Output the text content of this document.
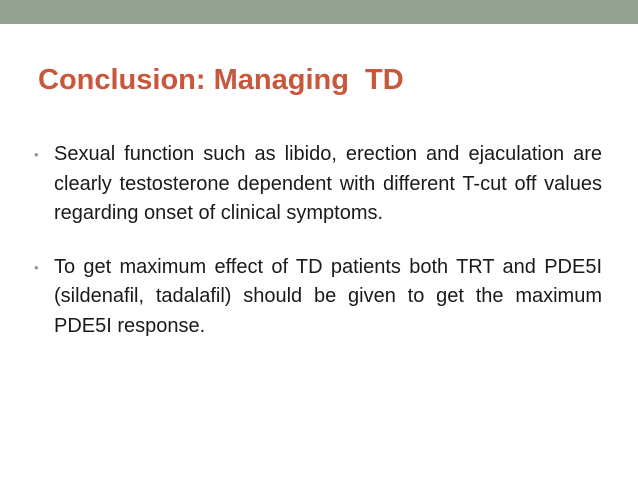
Conclusion: Managing  TD
• Sexual function such as libido, erection and ejaculation are clearly testosterone dependent with different T-cut off values regarding onset of clinical symptoms.
• To get maximum effect of TD patients both TRT and PDE5I (sildenafil, tadalafil) should be given to get the maximum PDE5I response.
